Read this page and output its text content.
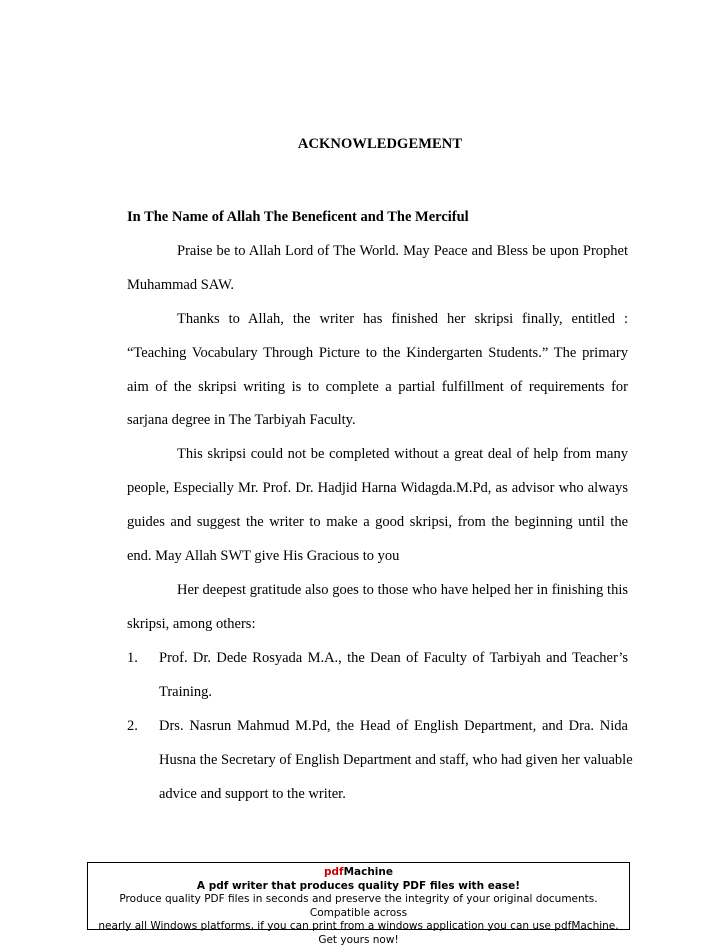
ACKNOWLEDGEMENT
In The Name of Allah The Beneficent and The Merciful
Praise be to Allah Lord of The World. May Peace and Bless be upon Prophet
Muhammad SAW.
Thanks to Allah, the writer has finished her skripsi finally, entitled :
“Teaching Vocabulary Through Picture to the Kindergarten Students.” The primary
aim of the skripsi writing is to complete a partial fulfillment of requirements for
sarjana degree in The Tarbiyah Faculty.
This skripsi could not be completed without a great deal of help from many
people, Especially Mr. Prof. Dr. Hadjid Harna Widagda.M.Pd, as advisor who always
guides and suggest the writer to make a good skripsi, from the beginning until the
end. May Allah SWT give His Gracious to you
Her deepest gratitude also goes to those who have helped her in finishing this
skripsi, among others:
1. Prof. Dr. Dede Rosyada M.A., the Dean of Faculty of Tarbiyah and Teacher’s
Training.
2. Drs. Nasrun Mahmud M.Pd, the Head of English Department, and Dra. Nida
Husna the Secretary of English Department and staff, who had given her valuable
advice and support to the writer.
pdfMachine
A pdf writer that produces quality PDF files with ease!
Produce quality PDF files in seconds and preserve the integrity of your original documents. Compatible across
nearly all Windows platforms, if you can print from a windows application you can use pdfMachine.
Get yours now!
